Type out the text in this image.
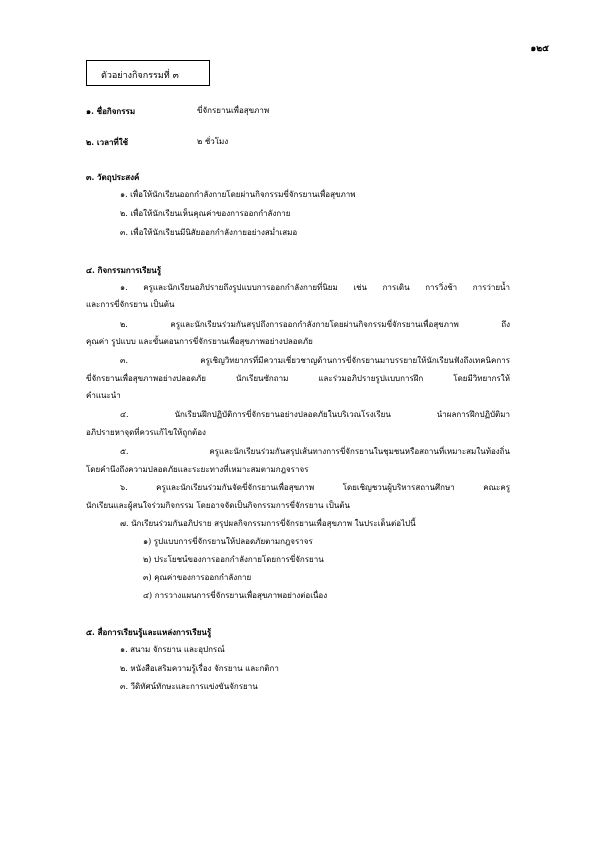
๑๒๕
ตัวอย่างกิจกรรมที่ ๓
๑. ชื่อกิจกรรม	ขี่จักรยานเพื่อสุขภาพ
๒. เวลาที่ใช้	๒ ชั่วโมง
๓. วัตถุประสงค์
๑. เพื่อให้นักเรียนออกกำลังกายโดยผ่านกิจกรรมขี่จักรยานเพื่อสุขภาพ
๒. เพื่อให้นักเรียนเห็นคุณค่าของการออกกำลังกาย
๓. เพื่อให้นักเรียนมีนิสัยออกกำลังกายอย่างสม่ำเสมอ
๔. กิจกรรมการเรียนรู้
๑. ครูและนักเรียนอภิปรายถึงรูปแบบการออกกำลังกายที่นิยม เช่น การเดิน การวิ่งช้า การว่ายน้ำ
และการขี่จักรยาน เป็นต้น
๒. ครูและนักเรียนร่วมกันสรุปถึงการออกกำลังกายโดยผ่านกิจกรรมขี่จักรยานเพื่อสุขภาพ ถึง
คุณค่า รูปแบบ และขั้นตอนการขี่จักรยานเพื่อสุขภาพอย่างปลอดภัย
๓. ครูเชิญวิทยากรที่มีความเชี่ยวชาญด้านการขี่จักรยานมาบรรยายให้นักเรียนฟังถึงเทคนิคการ
ขี่จักรยานเพื่อสุขภาพอย่างปลอดภัย นักเรียนซักถาม และร่วมอภิปรายรูปแบบการฝึก โดยมีวิทยากรให้
คำแนะนำ
๔. นักเรียนฝึกปฏิบัติการขี่จักรยานอย่างปลอดภัยในบริเวณโรงเรียน นำผลการฝึกปฏิบัติมา
อภิปรายหาจุดที่ควรแก้ไขให้ถูกต้อง
๕. ครูและนักเรียนร่วมกันสรุปเส้นทางการขี่จักรยานในชุมชนหรือสถานที่เหมาะสมในท้องถิ่น
โดยคำนึงถึงความปลอดภัยและระยะทางที่เหมาะสมตามกฎจราจร
๖. ครูและนักเรียนร่วมกันจัดขี่จักรยานเพื่อสุขภาพ โดยเชิญชวนผู้บริหารสถานศึกษา คณะครู
นักเรียนและผู้สนใจร่วมกิจกรรม โดยอาจจัดเป็นกิจกรรมการขี่จักรยาน เป็นต้น
๗. นักเรียนร่วมกันอภิปราย สรุปผลกิจกรรมการขี่จักรยานเพื่อสุขภาพ ในประเด็นต่อไปนี้
๑) รูปแบบการขี่จักรยานให้ปลอดภัยตามกฎจราจร
๒) ประโยชน์ของการออกกำลังกายโดยการขี่จักรยาน
๓) คุณค่าของการออกกำลังกาย
๔) การวางแผนการขี่จักรยานเพื่อสุขภาพอย่างต่อเนื่อง
๕. สื่อการเรียนรู้และแหล่งการเรียนรู้
๑. สนาม จักรยาน และอุปกรณ์
๒. หนังสือเสริมความรู้เรื่อง จักรยาน และกติกา
๓. วีดิทัศน์ทักษะและการแข่งขันจักรยาน
